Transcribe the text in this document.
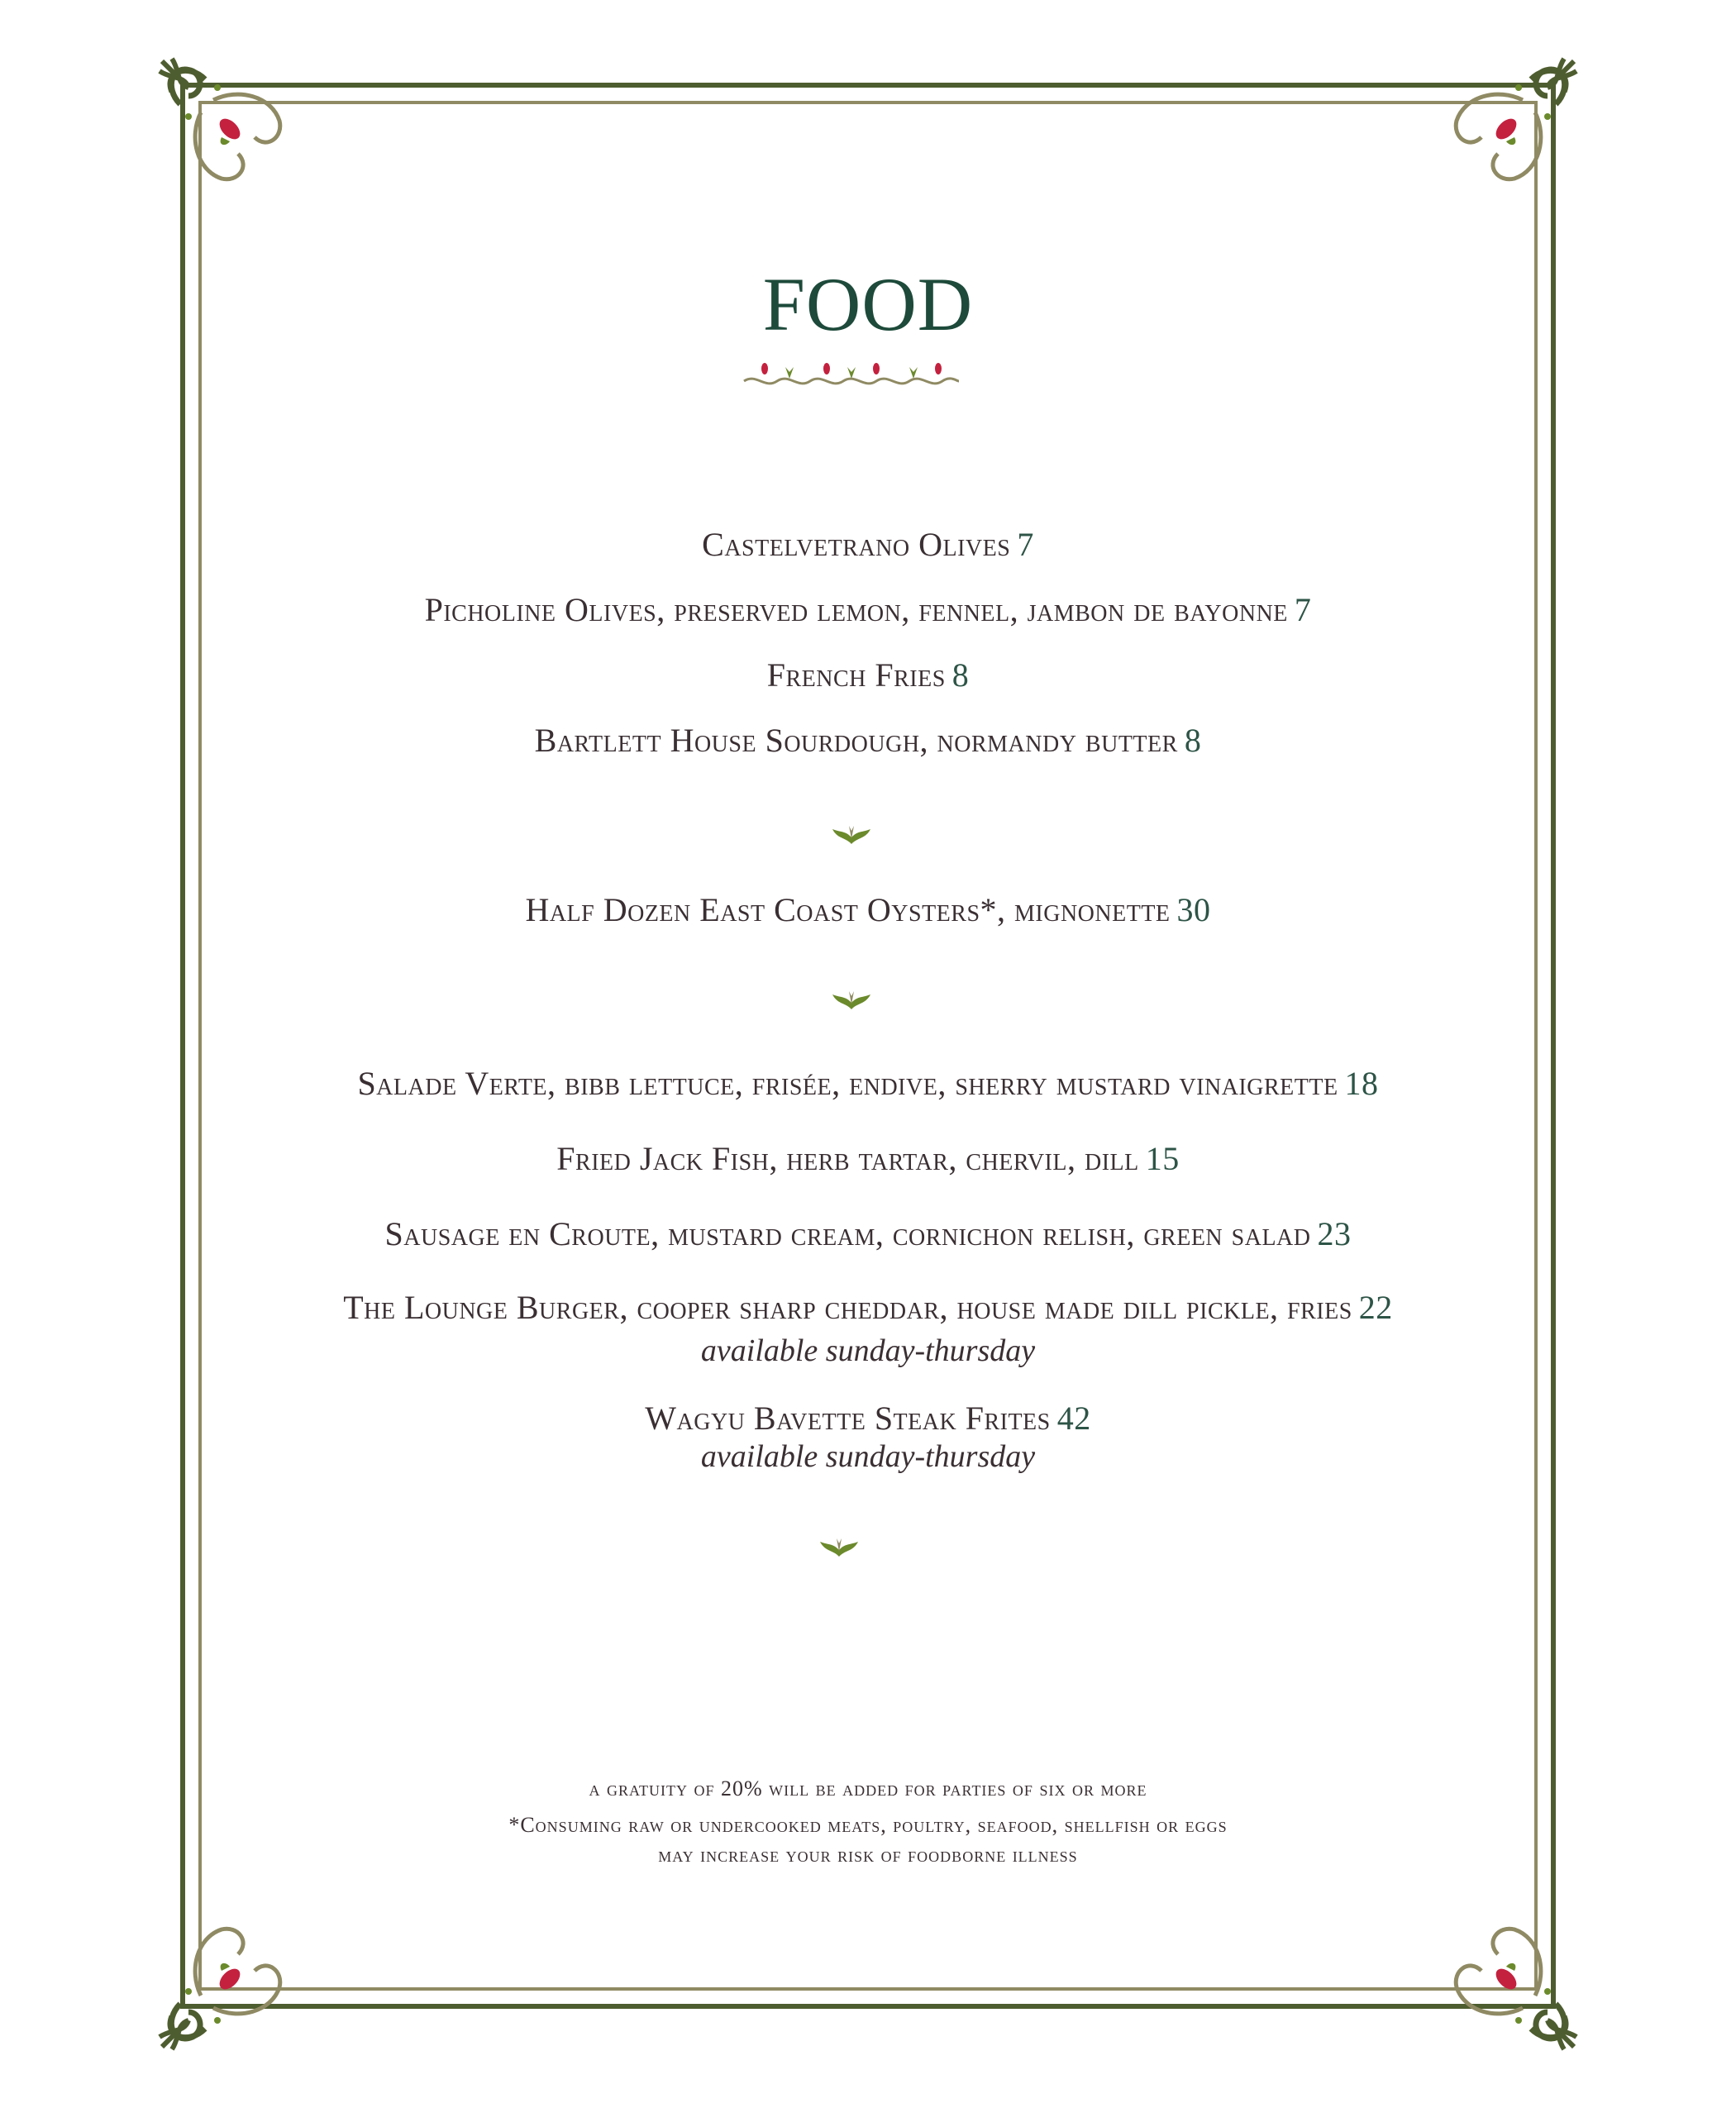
FOOD
Castelvetrano Olives 7
Picholine Olives, preserved lemon, fennel, jambon de bayonne 7
French Fries 8
Bartlett House Sourdough, normandy butter 8
Half Dozen East Coast Oysters*, mignonette 30
Salade Verte, bibb lettuce, frisée, endive, sherry mustard vinaigrette 18
Fried Jack Fish, herb tartar, chervil, dill 15
Sausage en Croute, mustard cream, cornichon relish, green salad 23
The Lounge Burger, cooper sharp cheddar, house made dill pickle, fries 22
available sunday-thursday
Wagyu Bavette Steak Frites 42
available sunday-thursday
a gratuity of 20% will be added for parties of six or more
*Consuming raw or undercooked meats, poultry, seafood, shellfish or eggs
may increase your risk of foodborne illness
